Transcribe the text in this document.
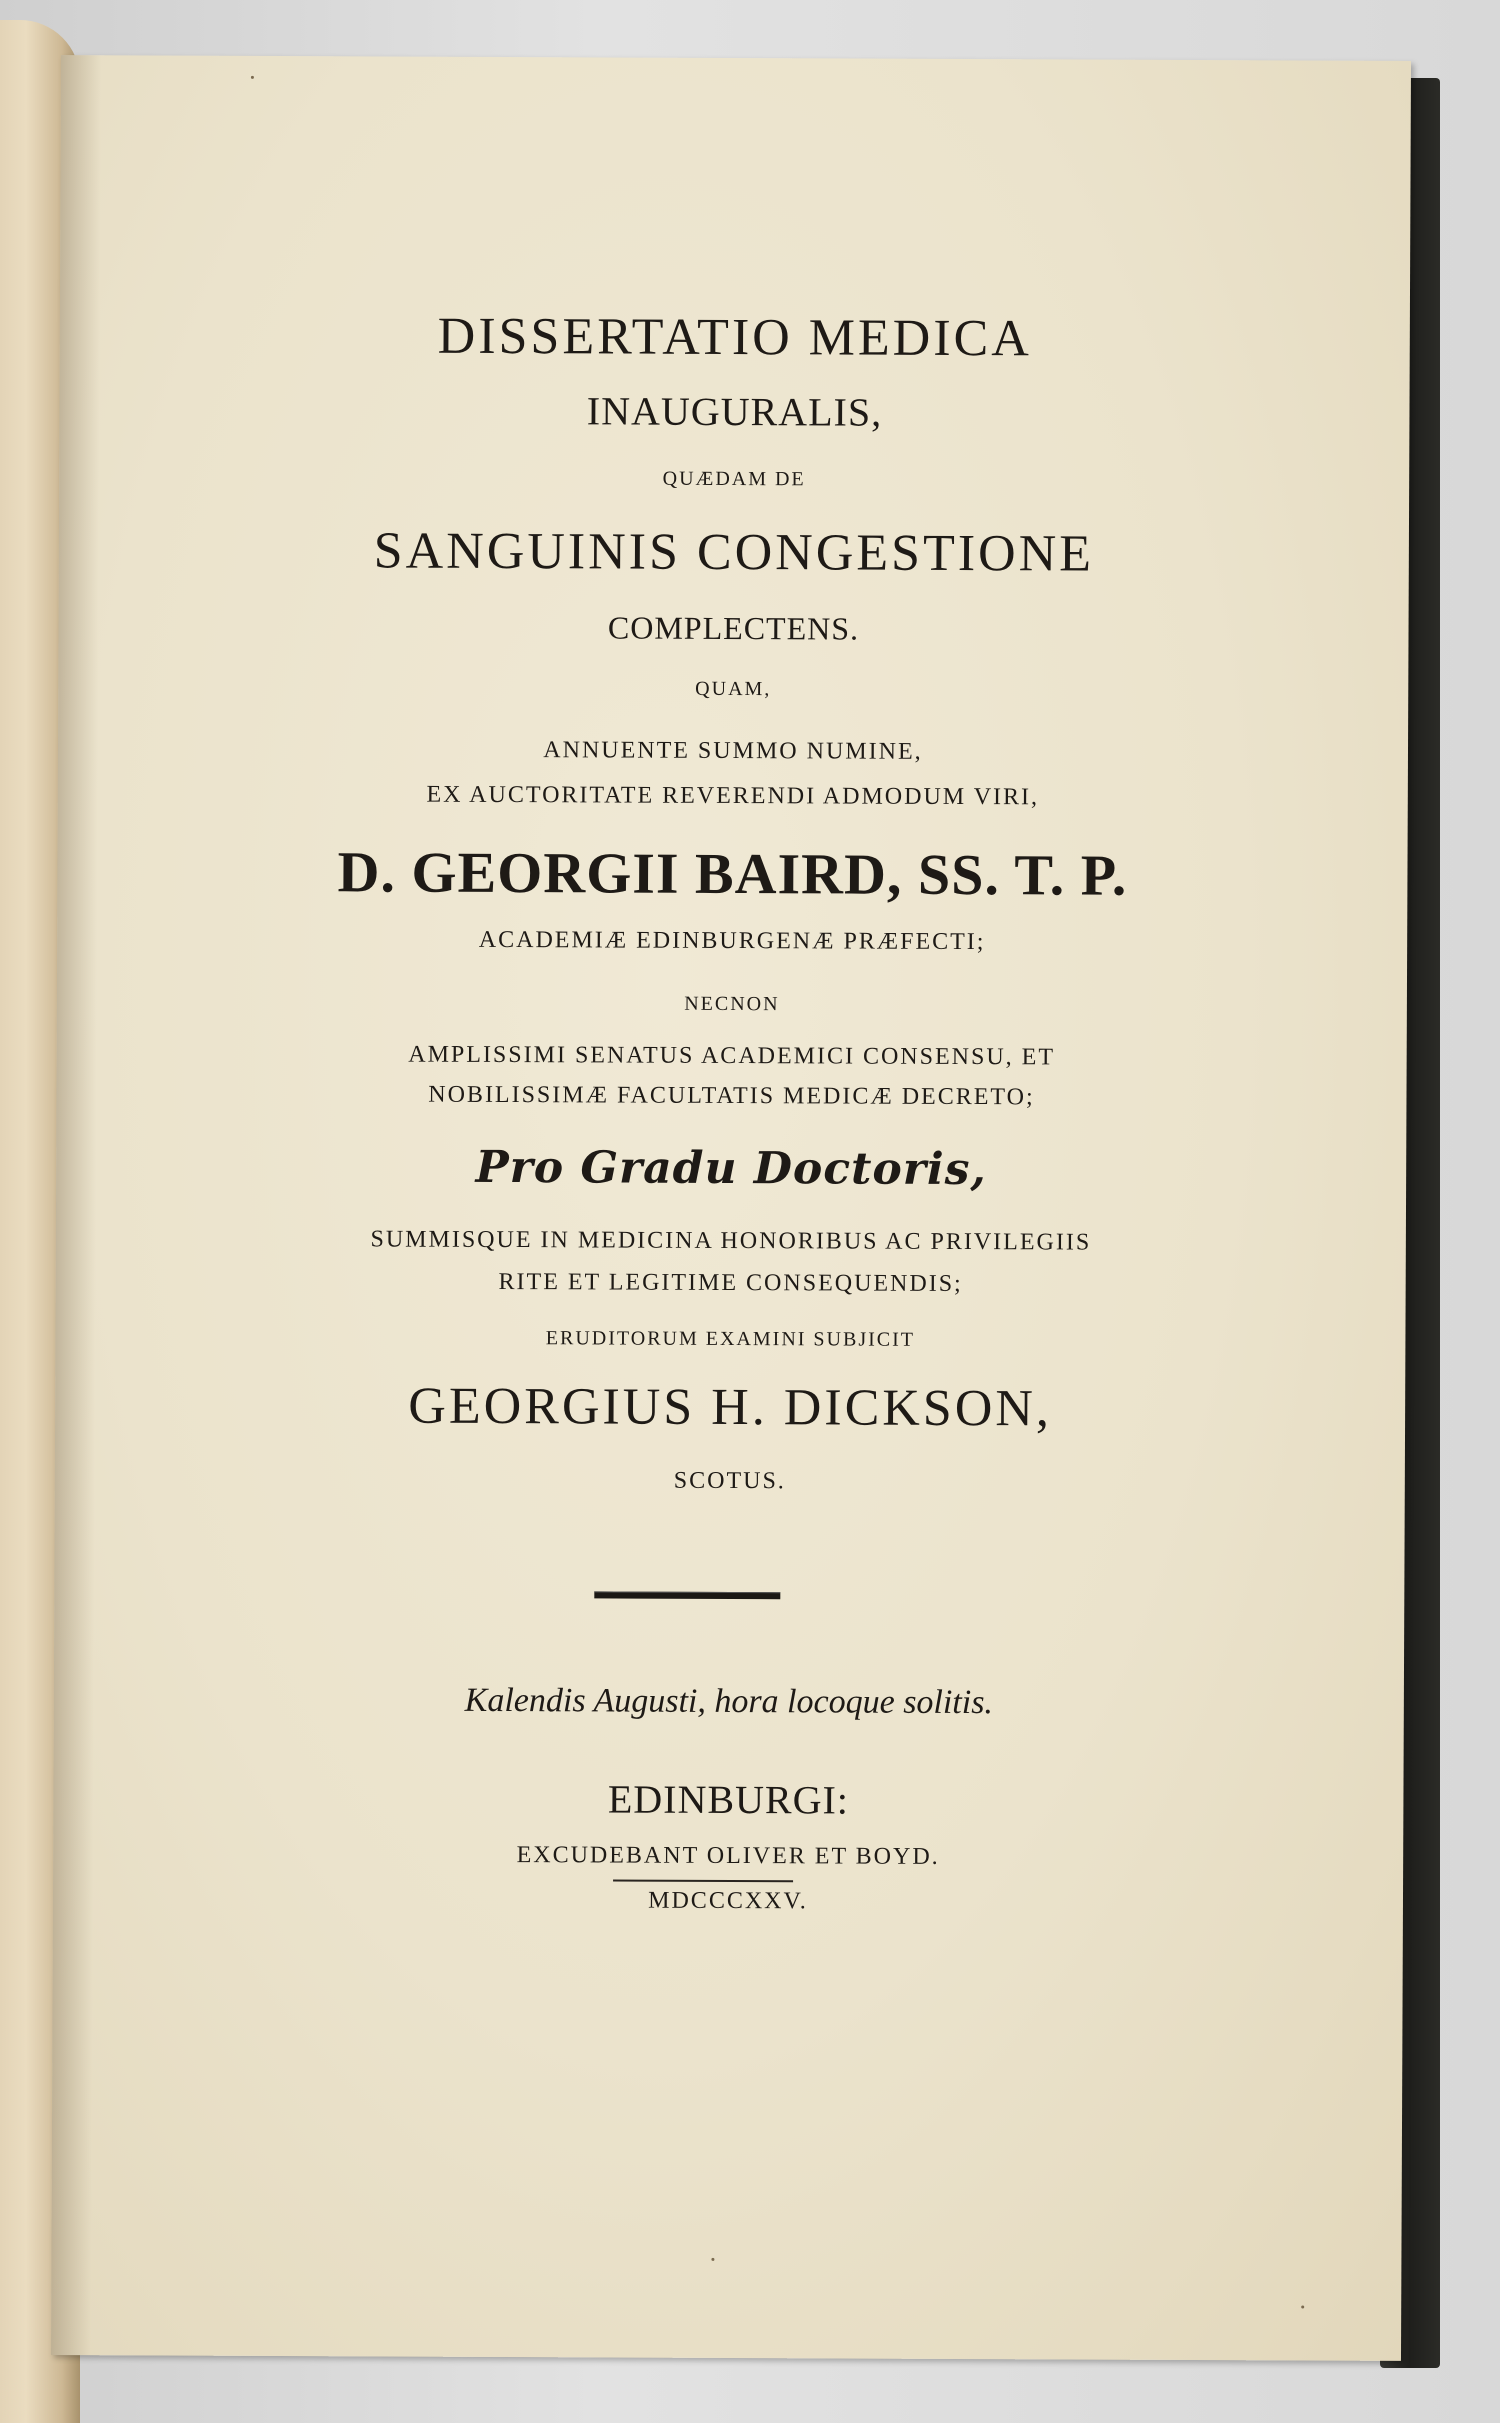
DISSERTATIO MEDICA
INAUGURALIS,
QUÆDAM DE
SANGUINIS CONGESTIONE
COMPLECTENS.
QUAM,
ANNUENTE SUMMO NUMINE,
EX AUCTORITATE REVERENDI ADMODUM VIRI,
D. GEORGII BAIRD, SS. T. P.
ACADEMIÆ EDINBURGENÆ PRÆFECTI;
NECNON
AMPLISSIMI SENATUS ACADEMICI CONSENSU, ET
NOBILISSIMÆ FACULTATIS MEDICÆ DECRETO;
Pro Gradu Doctoris,
SUMMISQUE IN MEDICINA HONORIBUS AC PRIVILEGIIS
RITE ET LEGITIME CONSEQUENDIS;
ERUDITORUM EXAMINI SUBJICIT
GEORGIUS H. DICKSON,
SCOTUS.
Kalendis Augusti, hora locoque solitis.
EDINBURGI:
EXCUDEBANT OLIVER ET BOYD.
MDCCCXXV.
